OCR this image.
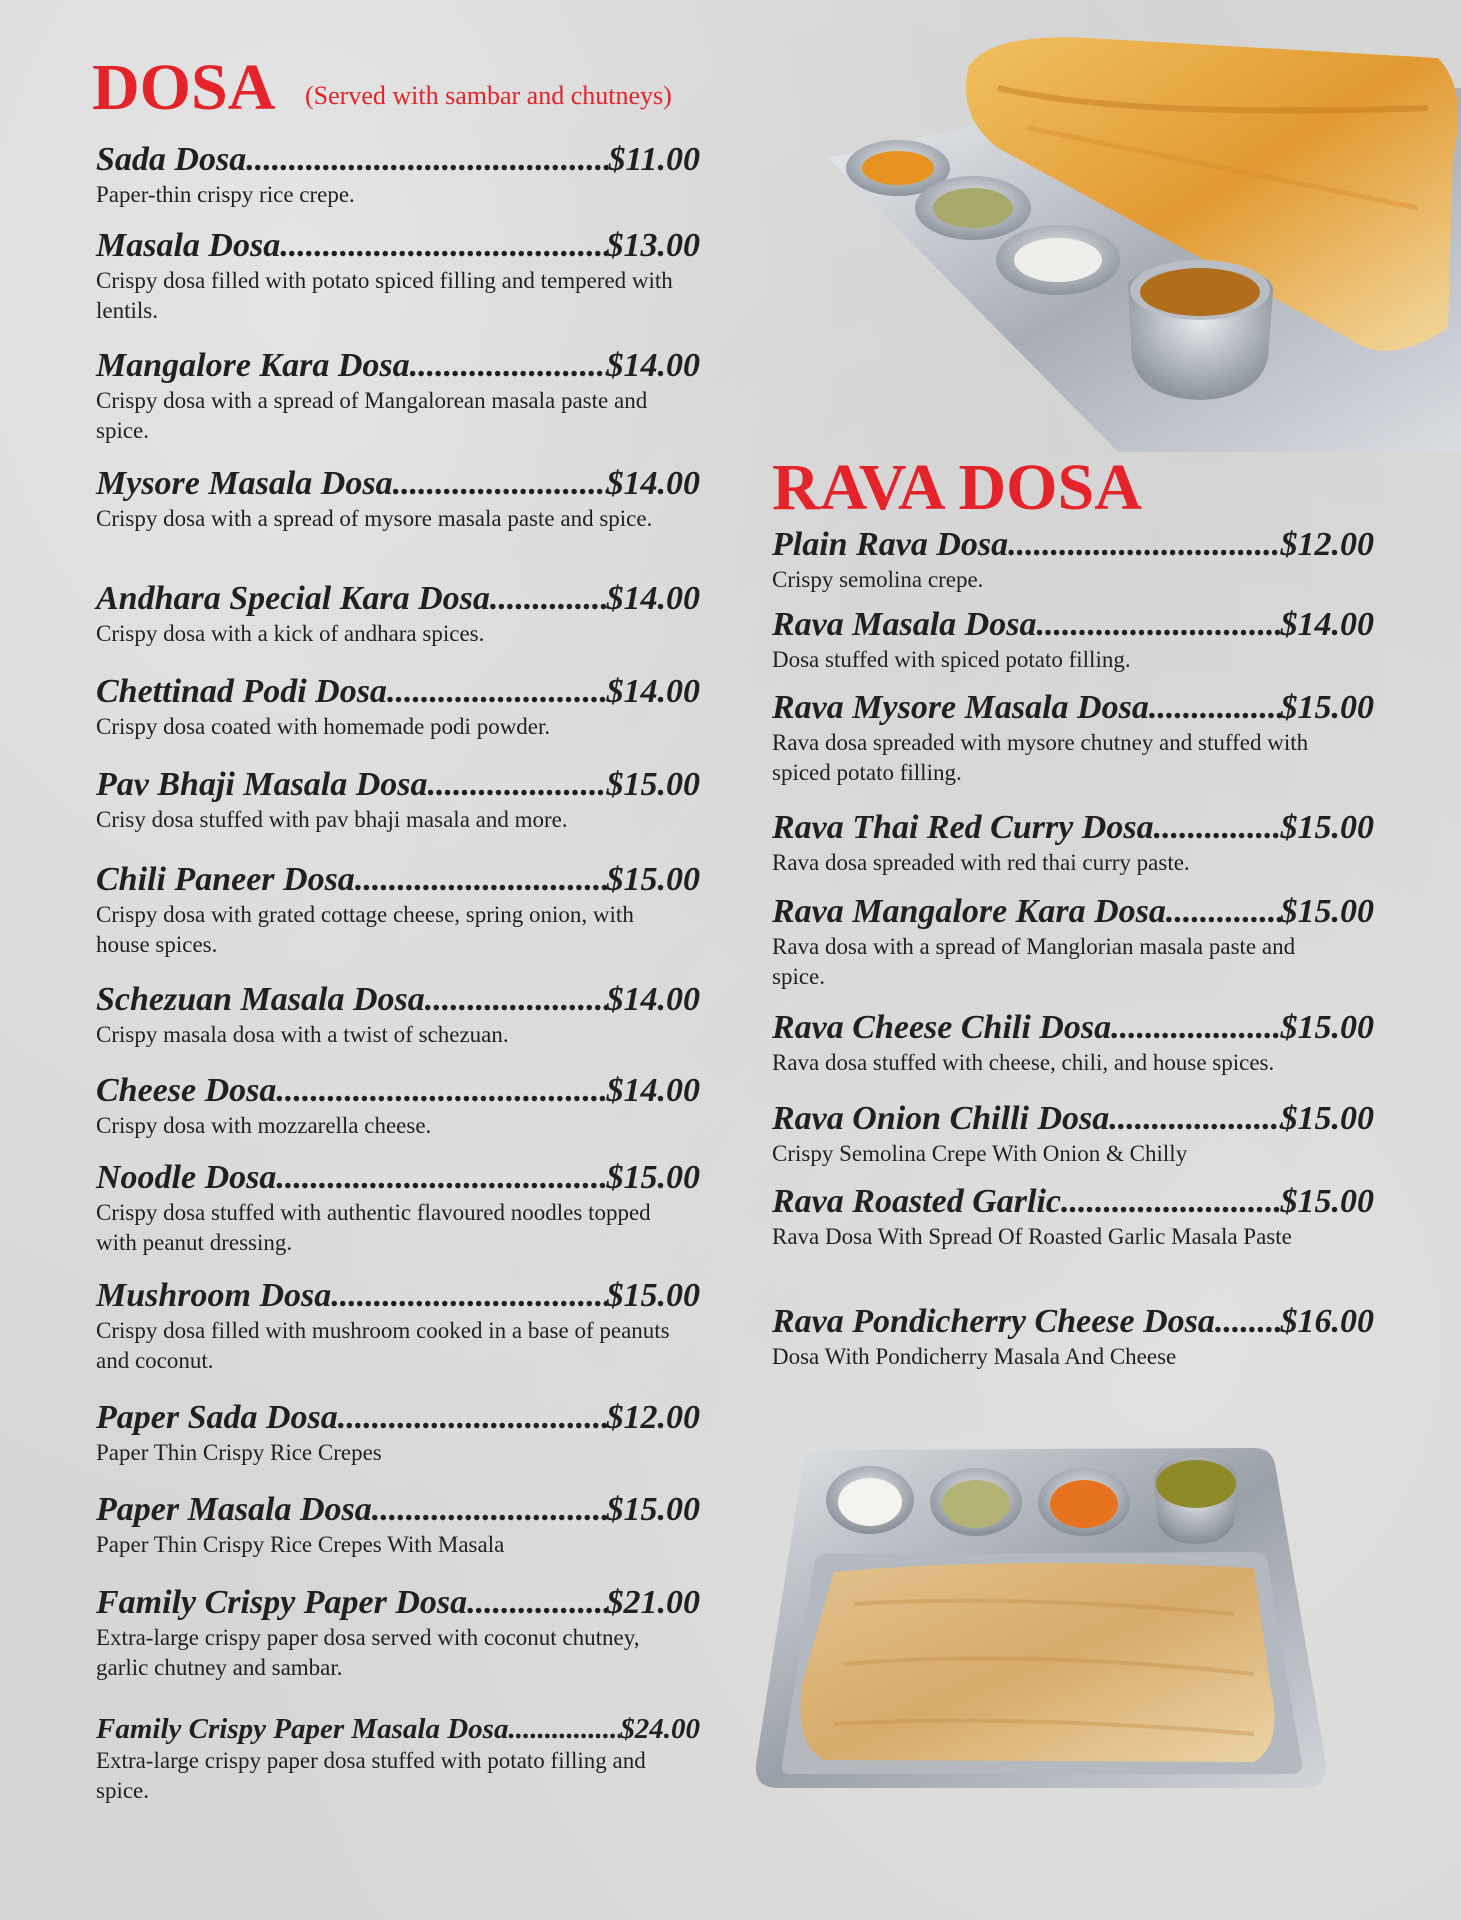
DOSA (Served with sambar and chutneys)
RAVA DOSA
Sada Dosa .....	$11.00
Paper-thin crispy rice crepe.
Masala Dosa .....	$13.00
Crispy dosa filled with potato spiced filling and tempered with lentils.
Mangalore Kara Dosa .....	$14.00
Crispy dosa with a spread of Mangalorean masala paste and spice.
Mysore Masala Dosa .....	$14.00
Crispy dosa with a spread of mysore masala paste and spice.
Andhara Special Kara Dosa .....	$14.00
Crispy dosa with a kick of andhara spices.
Chettinad Podi Dosa .....	$14.00
Crispy dosa coated with homemade podi powder.
Pav Bhaji Masala Dosa .....	$15.00
Crisy dosa stuffed with pav bhaji masala and more.
Chili Paneer Dosa .....	$15.00
Crispy dosa with grated cottage cheese, spring onion, with house spices.
Schezuan Masala Dosa .....	$14.00
Crispy masala dosa with a twist of schezuan.
Cheese Dosa .....	$14.00
Crispy dosa with mozzarella cheese.
Noodle Dosa .....	$15.00
Crispy dosa stuffed with authentic flavoured noodles topped with peanut dressing.
Mushroom Dosa .....	$15.00
Crispy dosa filled with mushroom cooked in a base of peanuts and coconut.
Paper Sada Dosa .....	$12.00
Paper Thin Crispy Rice Crepes
Paper Masala Dosa .....	$15.00
Paper Thin Crispy Rice Crepes With Masala
Family Crispy Paper Dosa .....	$21.00
Extra-large crispy paper dosa served with coconut chutney, garlic chutney and sambar.
Family Crispy Paper Masala Dosa .....	$24.00
Extra-large crispy paper dosa stuffed with potato filling and spice.
Plain Rava Dosa .....	$12.00
Crispy semolina crepe.
Rava Masala Dosa .....	$14.00
Dosa stuffed with spiced potato filling.
Rava Mysore Masala Dosa .....	$15.00
Rava dosa spreaded with mysore chutney and stuffed with spiced potato filling.
Rava Thai Red Curry Dosa .....	$15.00
Rava dosa spreaded with red thai curry paste.
Rava Mangalore Kara Dosa .....	$15.00
Rava dosa with a spread of Manglorian masala paste and spice.
Rava Cheese Chili Dosa .....	$15.00
Rava dosa stuffed with cheese, chili, and house spices.
Rava Onion Chilli Dosa .....	$15.00
Crispy Semolina Crepe With Onion & Chilly
Rava Roasted Garlic .....	$15.00
Rava Dosa With Spread Of Roasted Garlic Masala Paste
Rava Pondicherry Cheese Dosa ..... $16.00
Dosa With Pondicherry Masala And Cheese
